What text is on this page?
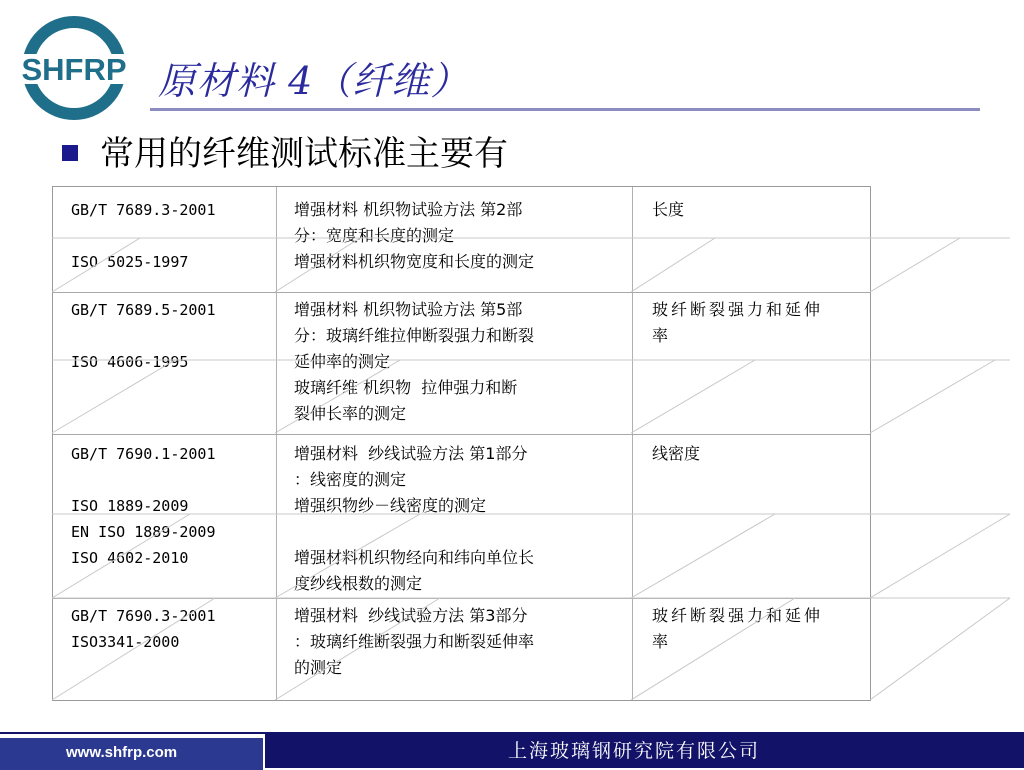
SHFRP 原材料 4（纤维）
常用的纤维测试标准主要有
GB/T 7689.3-2001

ISO 5025-1997
增强材料 机织物试验方法 第2部
分：宽度和长度的测定
增强材料机织物宽度和长度的测定
长度
GB/T 7689.5-2001

ISO 4606-1995
增强材料 机织物试验方法 第5部
分：玻璃纤维拉伸断裂强力和断裂
延伸率的测定
玻璃纤维 机织物  拉伸强力和断
裂伸长率的测定
玻纤断裂强力和延伸
率
GB/T 7690.1-2001

ISO 1889-2009
EN ISO 1889-2009
ISO 4602-2010
增强材料  纱线试验方法 第1部分
：线密度的测定
增强织物纱－线密度的测定

增强材料机织物经向和纬向单位长
度纱线根数的测定
线密度
GB/T 7690.3-2001
ISO3341-2000
增强材料  纱线试验方法 第3部分
：玻璃纤维断裂强力和断裂延伸率
的测定
玻纤断裂强力和延伸
率
www.shfrp.com	上海玻璃钢研究院有限公司
